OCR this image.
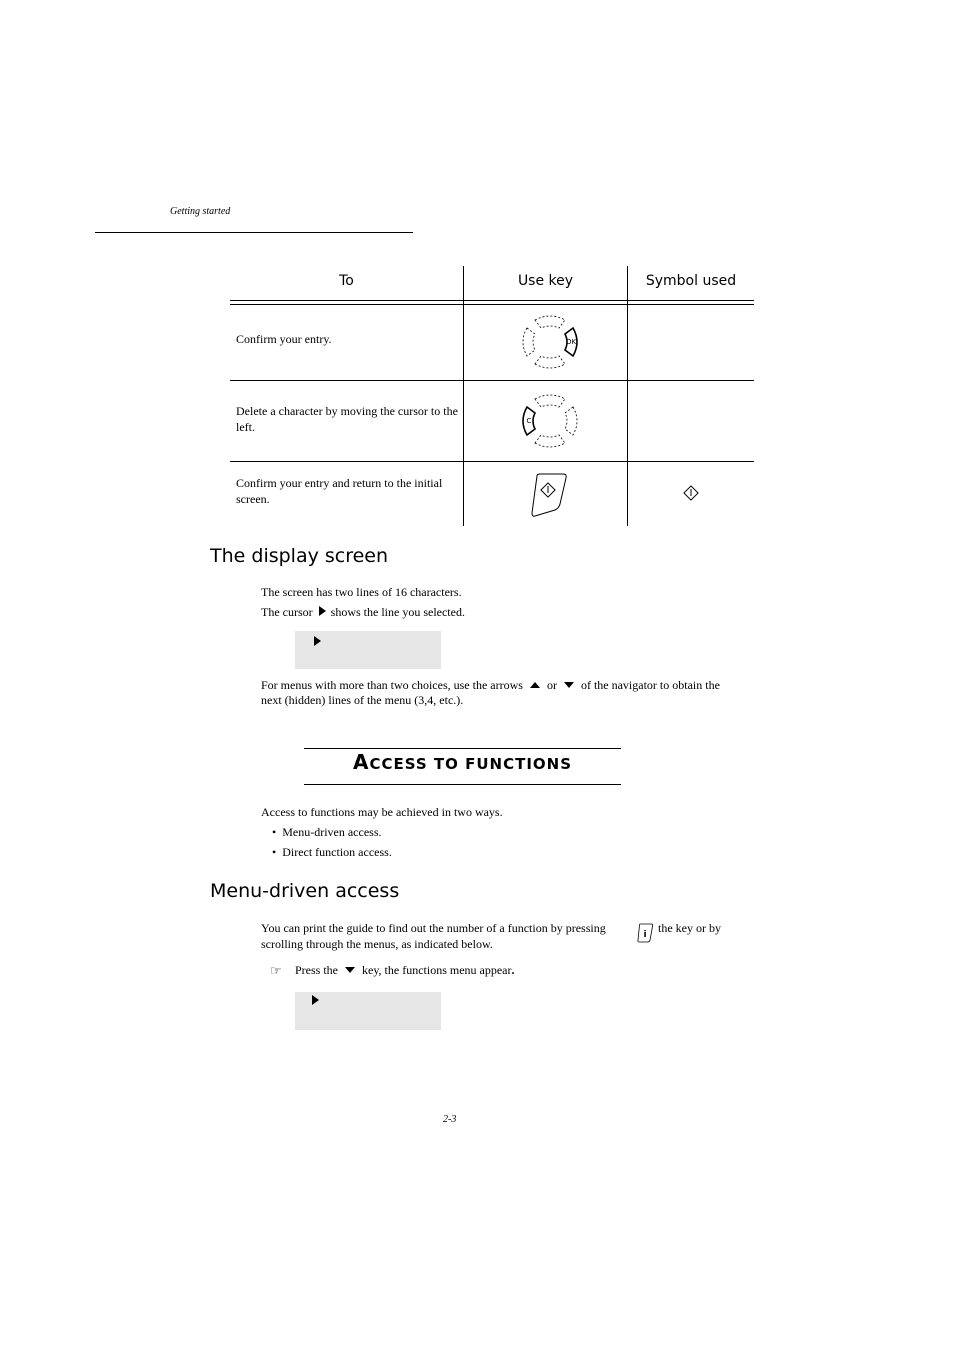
Getting started
To	Use key	Symbol used
Confirm your entry.	OK
Delete a character by moving the cursor to the left.	C
Confirm your entry and return to the initial screen.
The display screen
The screen has two lines of 16 characters.
The cursor shows the line you selected.
For menus with more than two choices, use the arrows or of the navigator to obtain the
next (hidden) lines of the menu (3,4, etc.).
ACCESS TO FUNCTIONS
Access to functions may be achieved in two ways.
•  Menu-driven access.
•  Direct function access.
Menu-driven access
You can print the guide to find out the number of a function by pressing	i the key or by
scrolling through the menus, as indicated below.
☞ Press the key, the functions menu appear.
2-3
